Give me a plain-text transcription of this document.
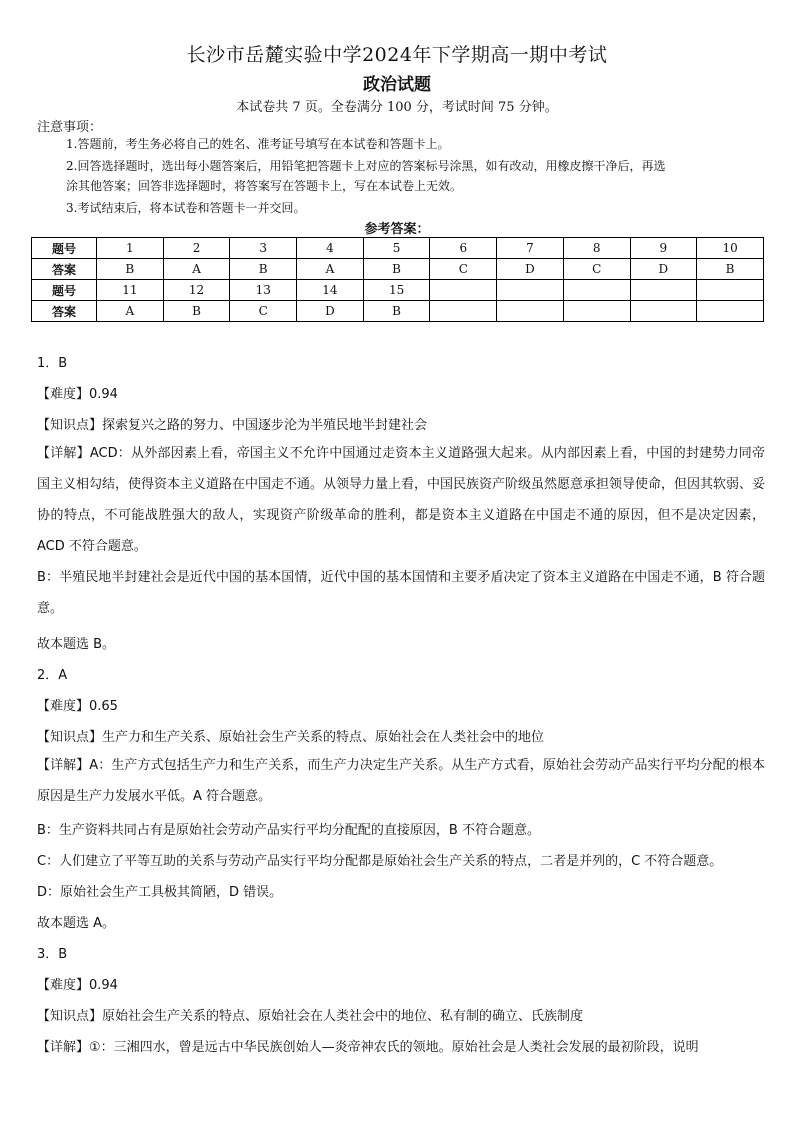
长沙市岳麓实验中学2024年下学期高一期中考试
政治试题
本试卷共 7 页。全卷满分 100 分，考试时间 75 分钟。
注意事项：
1.答题前，考生务必将自己的姓名、准考证号填写在本试卷和答题卡上。
2.回答选择题时，选出每小题答案后，用铅笔把答题卡上对应的答案标号涂黑，如有改动，用橡皮擦干净后，再选
涂其他答案；回答非选择题时，将答案写在答题卡上，写在本试卷上无效。
3.考试结束后，将本试卷和答题卡一并交回。
参考答案：
题号	1	2	3	4	5	6	7	8	9	10
答案	B	A	B	A	B	C	D	C	D	B
题号	11	12	13	14	15					
答案	A	B	C	D	B					
1．B
【难度】0.94
【知识点】探索复兴之路的努力、中国逐步沦为半殖民地半封建社会
【详解】ACD：从外部因素上看，帝国主义不允许中国通过走资本主义道路强大起来。从内部因素上看，中国的封建势力同帝国主义相勾结，使得资本主义道路在中国走不通。从领导力量上看，中国民族资产阶级虽然愿意承担领导使命，但因其软弱、妥协的特点，不可能战胜强大的敌人，实现资产阶级革命的胜利，都是资本主义道路在中国走不通的原因，但不是决定因素，ACD 不符合题意。
B：半殖民地半封建社会是近代中国的基本国情，近代中国的基本国情和主要矛盾决定了资本主义道路在中国走不通，B 符合题意。
故本题选 B。
2．A
【难度】0.65
【知识点】生产力和生产关系、原始社会生产关系的特点、原始社会在人类社会中的地位
【详解】A：生产方式包括生产力和生产关系，而生产力决定生产关系。从生产方式看，原始社会劳动产品实行平均分配的根本原因是生产力发展水平低。A 符合题意。
B：生产资料共同占有是原始社会劳动产品实行平均分配配的直接原因，B 不符合题意。
C：人们建立了平等互助的关系与劳动产品实行平均分配都是原始社会生产关系的特点，二者是并列的，C 不符合题意。
D：原始社会生产工具极其简陋，D 错误。
故本题选 A。
3．B
【难度】0.94
【知识点】原始社会生产关系的特点、原始社会在人类社会中的地位、私有制的确立、氏族制度
【详解】①：三湘四水，曾是远古中华民族创始人—炎帝神农氏的领地。原始社会是人类社会发展的最初阶段，说明
